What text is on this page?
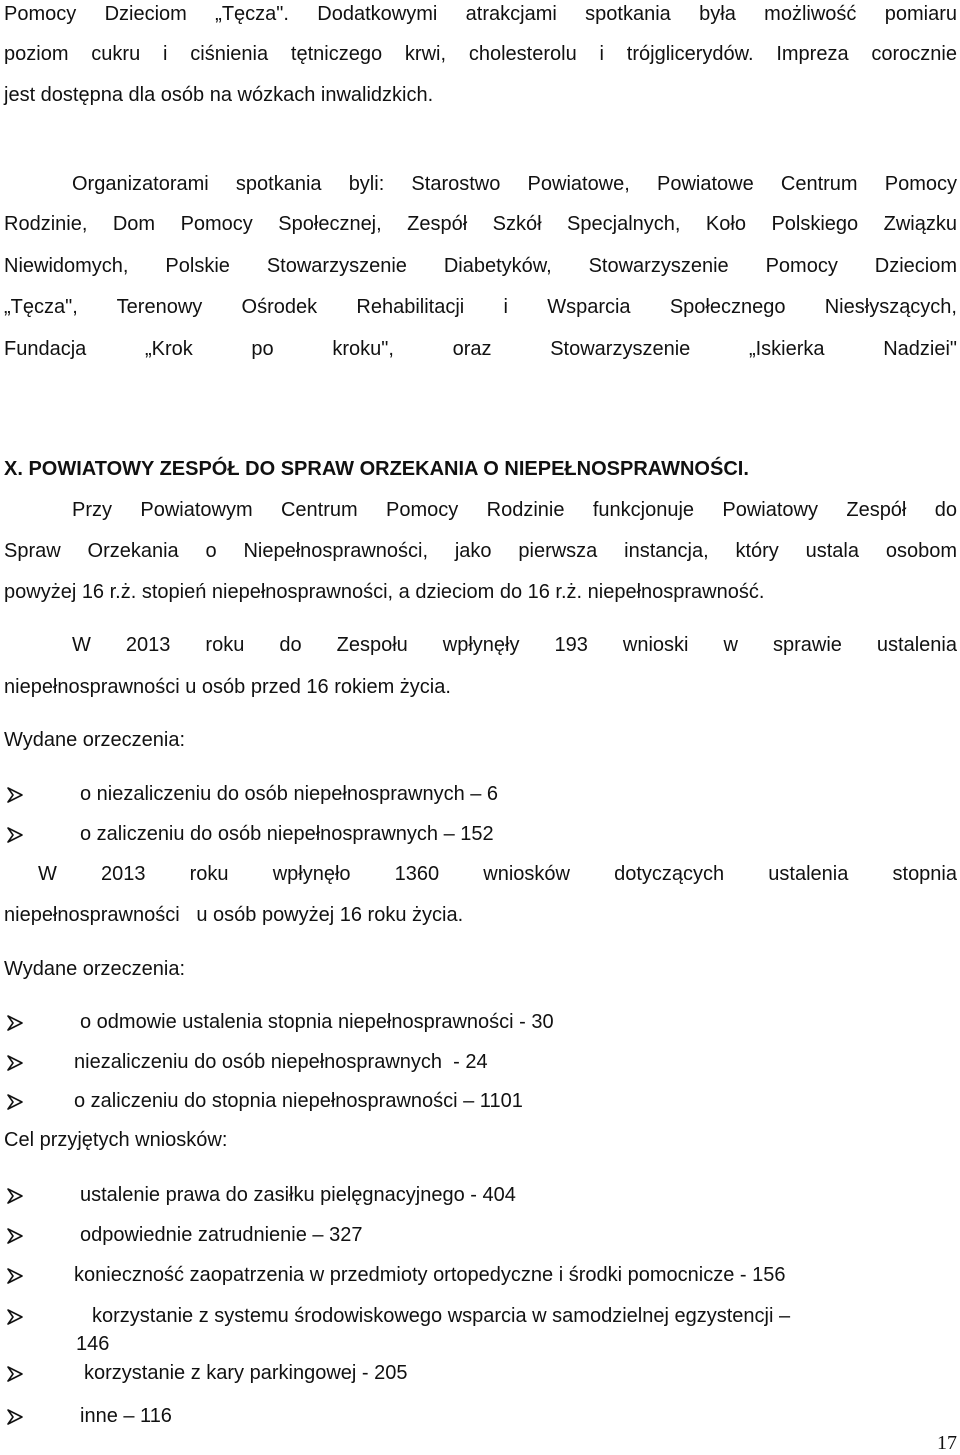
Pomocy Dzieciom „Tęcza". Dodatkowymi atrakcjami spotkania była możliwość pomiaru
poziom cukru i ciśnienia tętniczego krwi, cholesterolu i trójglicerydów. Impreza corocznie
jest dostępna dla osób na wózkach inwalidzkich.
Organizatorami spotkania byli: Starostwo Powiatowe, Powiatowe Centrum Pomocy
Rodzinie, Dom Pomocy Społecznej, Zespół Szkół Specjalnych, Koło Polskiego Związku
Niewidomych, Polskie Stowarzyszenie Diabetyków, Stowarzyszenie Pomocy Dzieciom
„Tęcza", Terenowy Ośrodek Rehabilitacji i Wsparcia Społecznego Niesłyszących,
Fundacja „Krok po kroku", oraz Stowarzyszenie „Iskierka Nadziei"
X. POWIATOWY ZESPÓŁ DO SPRAW ORZEKANIA O NIEPEŁNOSPRAWNOŚCI.
Przy Powiatowym Centrum Pomocy Rodzinie funkcjonuje Powiatowy Zespół do
Spraw Orzekania o Niepełnosprawności, jako pierwsza instancja, który ustala osobom
powyżej 16 r.ż. stopień niepełnosprawności, a dzieciom do 16 r.ż. niepełnosprawność.
W 2013 roku do Zespołu wpłynęły 193 wnioski w sprawie ustalenia
niepełnosprawności u osób przed 16 rokiem życia.
Wydane orzeczenia:
o niezaliczeniu do osób niepełnosprawnych – 6
o zaliczeniu do osób niepełnosprawnych – 152
W 2013 roku wpłynęło 1360 wniosków dotyczących ustalenia stopnia
niepełnosprawności   u osób powyżej 16 roku życia.
Wydane orzeczenia:
o odmowie ustalenia stopnia niepełnosprawności - 30
niezaliczeniu do osób niepełnosprawnych  - 24
o zaliczeniu do stopnia niepełnosprawności – 1101
Cel przyjętych wniosków:
ustalenie prawa do zasiłku pielęgnacyjnego - 404
odpowiednie zatrudnienie – 327
konieczność zaopatrzenia w przedmioty ortopedyczne i środki pomocnicze - 156
korzystanie z systemu środowiskowego wsparcia w samodzielnej egzystencji –
146
korzystanie z kary parkingowej - 205
inne – 116
17
